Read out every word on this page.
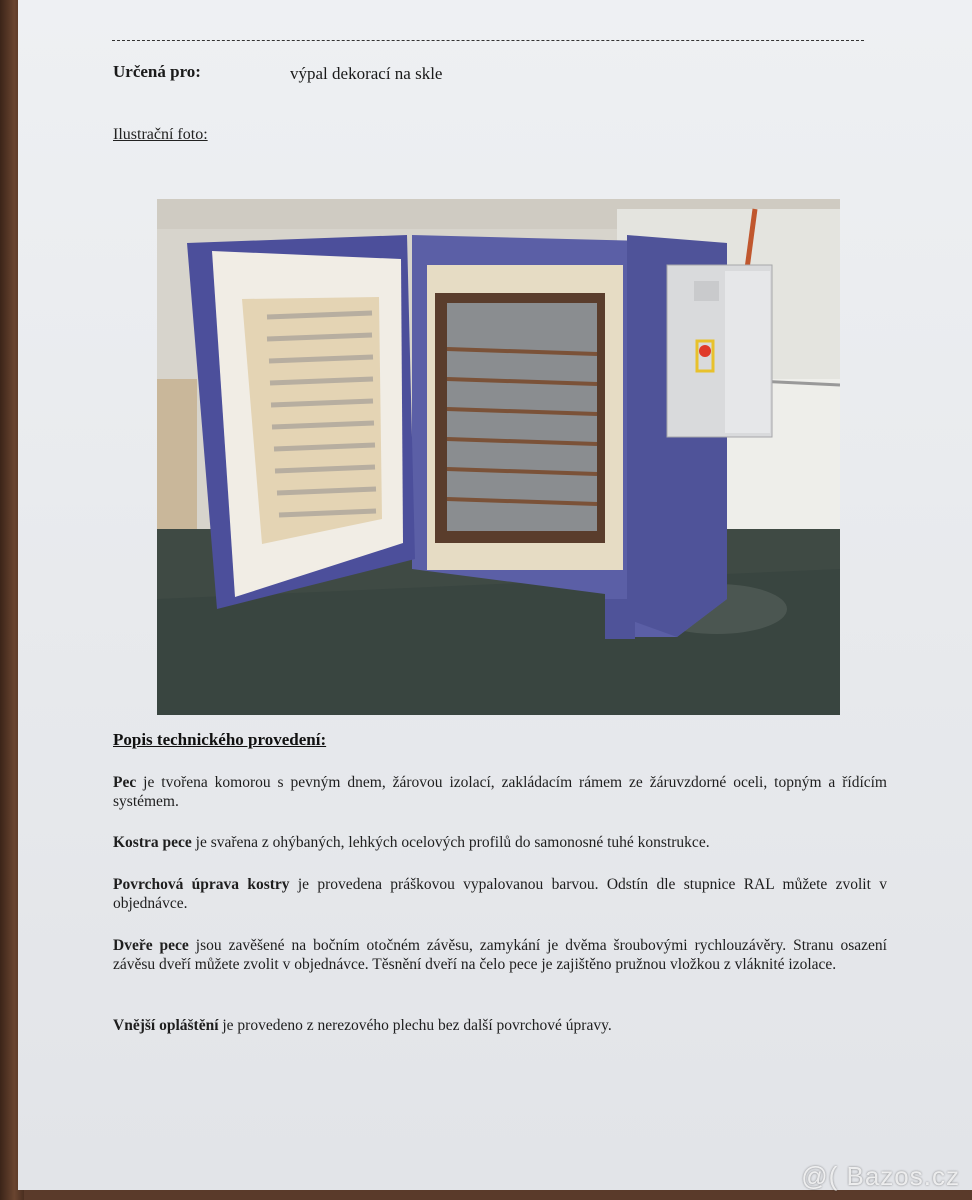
Určená pro:	výpal dekorací na skle
Ilustrační foto:
Popis technického provedení:

Pec je tvořena komorou s pevným dnem, žárovou izolací, zakládacím rámem ze žáruvzdorné oceli, topným a řídícím systémem.

Kostra pece je svařena z ohýbaných, lehkých ocelových profilů do samonosné tuhé konstrukce.

Povrchová úprava kostry je provedena práškovou vypalovanou barvou. Odstín dle stupnice RAL můžete zvolit v objednávce.

Dveře pece jsou zavěšené na bočním otočném závěsu, zamykání je dvěma šroubovými rychlouzávěry. Stranu osazení závěsu dveří můžete zvolit v objednávce. Těsnění dveří na čelo pece je zajištěno pružnou vložkou z vláknité izolace.

Vnější opláštění je provedeno z nerezového plechu bez další povrchové úpravy.

@( Bazos.cz
